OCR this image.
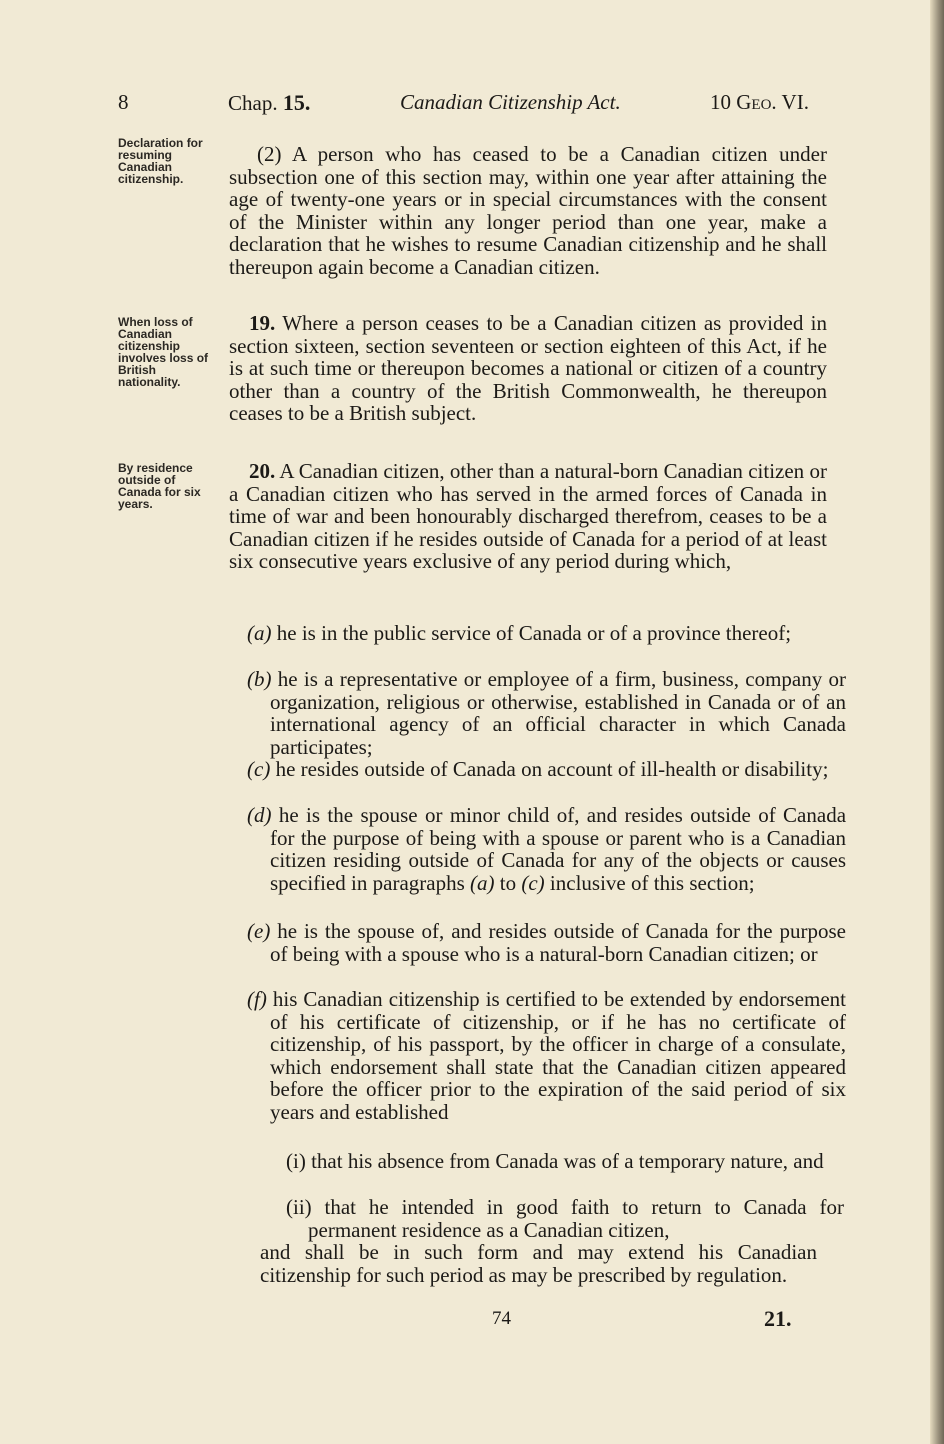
8	Chap. 15.	Canadian Citizenship Act.	10 Geo. VI.
Declaration for resuming Canadian citizenship.
When loss of Canadian citizenship involves loss of British nationality.
By residence outside of Canada for six years.
(2) A person who has ceased to be a Canadian citizen under subsection one of this section may, within one year after attaining the age of twenty-one years or in special circumstances with the consent of the Minister within any longer period than one year, make a declaration that he wishes to resume Canadian citizenship and he shall thereupon again become a Canadian citizen.
19. Where a person ceases to be a Canadian citizen as provided in section sixteen, section seventeen or section eighteen of this Act, if he is at such time or thereupon becomes a national or citizen of a country other than a country of the British Commonwealth, he thereupon ceases to be a British subject.
20. A Canadian citizen, other than a natural-born Canadian citizen or a Canadian citizen who has served in the armed forces of Canada in time of war and been honourably discharged therefrom, ceases to be a Canadian citizen if he resides outside of Canada for a period of at least six consecutive years exclusive of any period during which,
(a) he is in the public service of Canada or of a province thereof;
(b) he is a representative or employee of a firm, business, company or organization, religious or otherwise, established in Canada or of an international agency of an official character in which Canada participates;
(c) he resides outside of Canada on account of ill-health or disability;
(d) he is the spouse or minor child of, and resides outside of Canada for the purpose of being with a spouse or parent who is a Canadian citizen residing outside of Canada for any of the objects or causes specified in paragraphs (a) to (c) inclusive of this section;
(e) he is the spouse of, and resides outside of Canada for the purpose of being with a spouse who is a natural-born Canadian citizen; or
(f) his Canadian citizenship is certified to be extended by endorsement of his certificate of citizenship, or if he has no certificate of citizenship, of his passport, by the officer in charge of a consulate, which endorsement shall state that the Canadian citizen appeared before the officer prior to the expiration of the said period of six years and established
(i) that his absence from Canada was of a temporary nature, and
(ii) that he intended in good faith to return to Canada for permanent residence as a Canadian citizen,
and shall be in such form and may extend his Canadian citizenship for such period as may be prescribed by regulation.
74	21.
